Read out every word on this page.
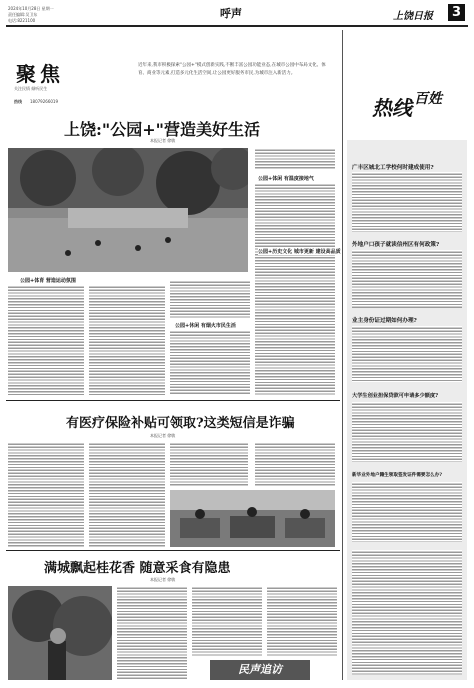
2024年10月28日 星期一
责任编辑:吴卫东
电话:8221100
呼声	上饶日报	3
聚焦
关注民情 倾听民生
热线 18079266019
近年来,我市积极探索"公园+"模式创新实践,不断丰富公园功能业态,在城市公园中布局文化、体育、商业等元素,打造多元化生活空间,让公园更好服务市民,为城市注入新活力。
上饶:"公园+"营造美好生活
本报记者 徐敏
公园+体育 营造运动氛围
公园+休闲 有烟火市民生活
公园+体闲 有温度接地气
公园+历史文化 城市更新 建设高品质
有医疗保险补贴可领取?这类短信是诈骗
本报记者 徐敏
满城飘起桂花香 随意采食有隐患
本报记者 徐敏
民声追访
热线 百姓
广丰区城北工学校何时建成使用?
外地户口孩子就读信州区有何政策?
业主身份证过期如何办理?
大学生创业担保贷款可申请多少额度?
新毕业外地户籍生领取签发证件需要怎么办?
